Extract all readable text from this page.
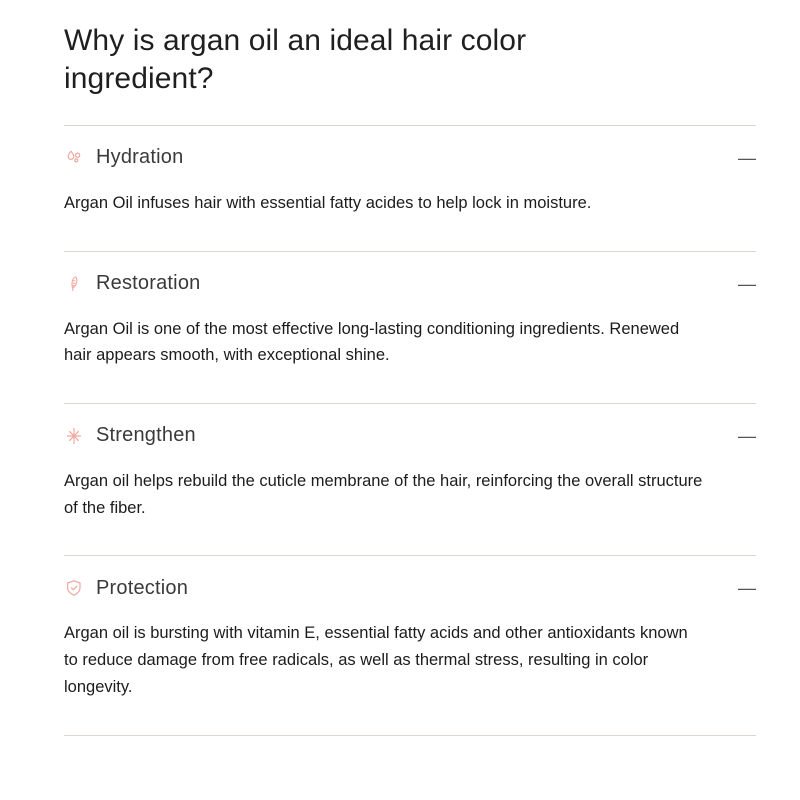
Why is argan oil an ideal hair color ingredient?
Hydration	—
Argan Oil infuses hair with essential fatty acides to help lock in moisture.
Restoration	—
Argan Oil is one of the most effective long-lasting conditioning ingredients. Renewed hair appears smooth, with exceptional shine.
Strengthen	—
Argan oil helps rebuild the cuticle membrane of the hair, reinforcing the overall structure of the fiber.
Protection	—
Argan oil is bursting with vitamin E, essential fatty acids and other antioxidants known to reduce damage from free radicals, as well as thermal stress, resulting in color longevity.
